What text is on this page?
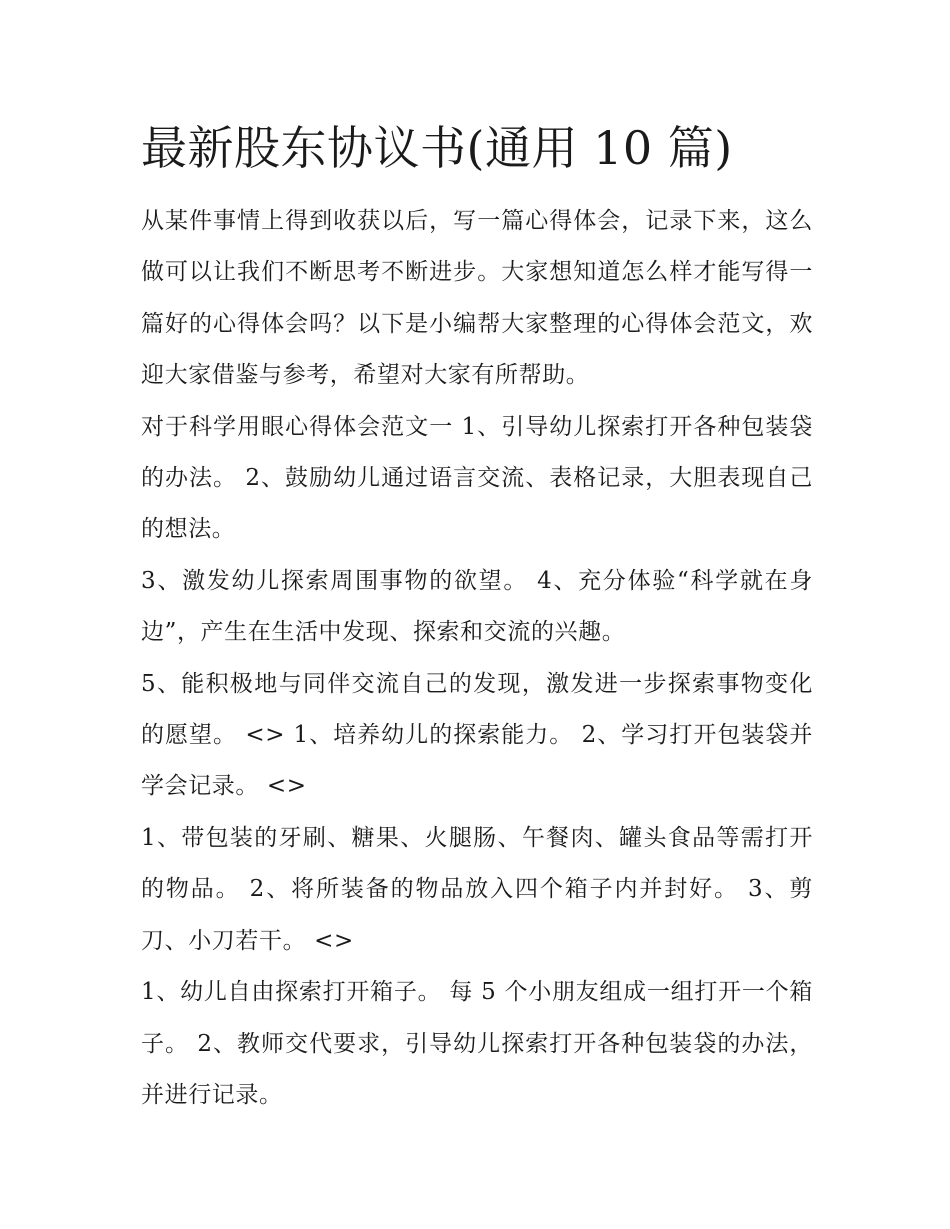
最新股东协议书(通用 10 篇)

从某件事情上得到收获以后，写一篇心得体会，记录下来，这么做可以让我们不断思考不断进步。大家想知道怎么样才能写得一篇好的心得体会吗？以下是小编帮大家整理的心得体会范文，欢迎大家借鉴与参考，希望对大家有所帮助。

对于科学用眼心得体会范文一 1、引导幼儿探索打开各种包装袋的办法。 2、鼓励幼儿通过语言交流、表格记录，大胆表现自己的想法。

3、激发幼儿探索周围事物的欲望。 4、充分体验“科学就在身边”，产生在生活中发现、探索和交流的兴趣。

5、能积极地与同伴交流自己的发现，激发进一步探索事物变化的愿望。 <> 1、培养幼儿的探索能力。 2、学习打开包装袋并学会记录。 <>

1、带包装的牙刷、糖果、火腿肠、午餐肉、罐头食品等需打开的物品。 2、将所装备的物品放入四个箱子内并封好。 3、剪刀、小刀若干。 <>

1、幼儿自由探索打开箱子。 每 5 个小朋友组成一组打开一个箱子。 2、教师交代要求，引导幼儿探索打开各种包装袋的办法，并进行记录。
